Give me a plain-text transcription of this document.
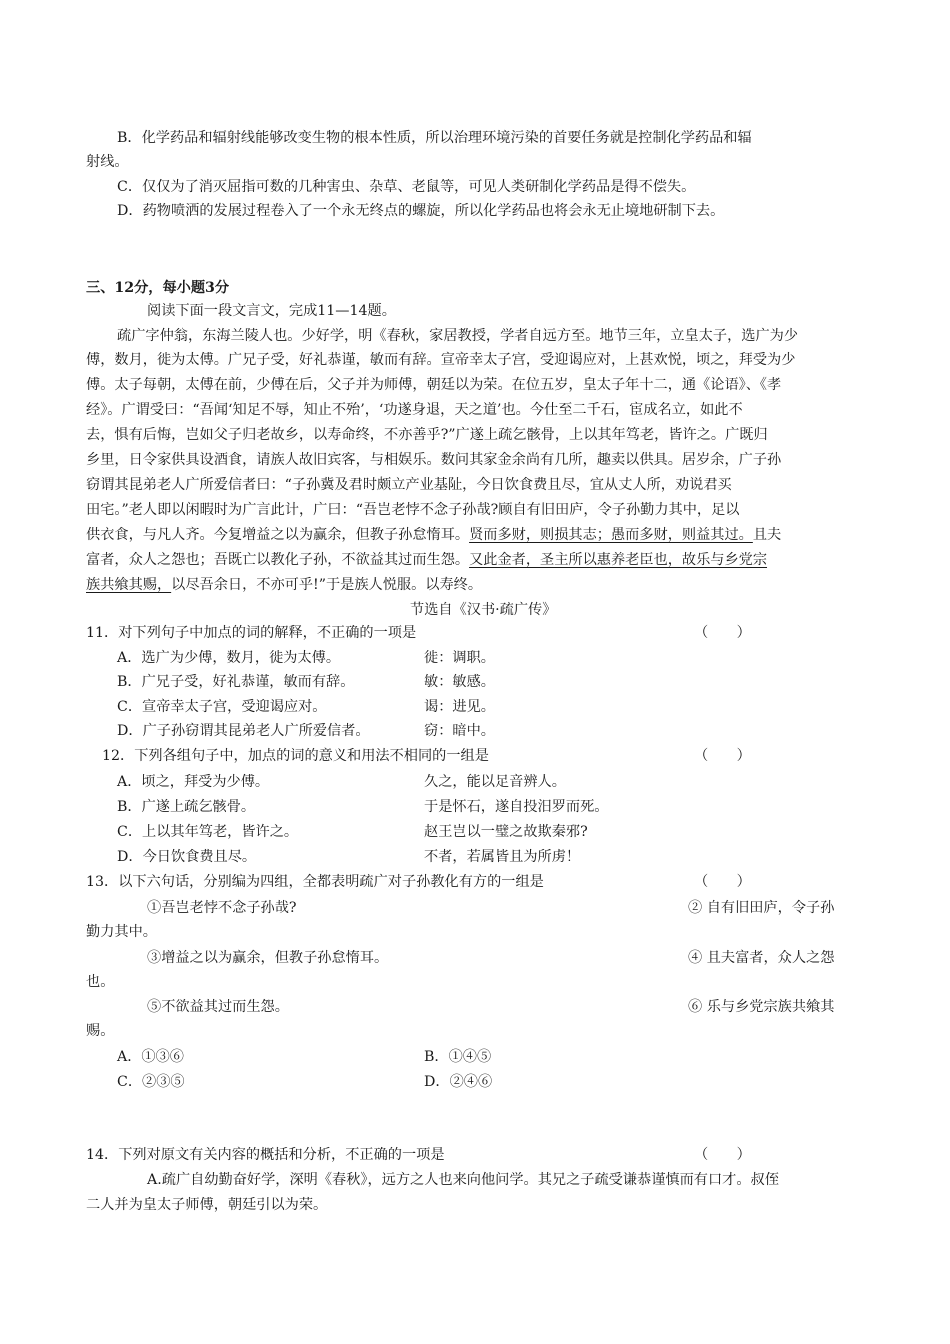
B．化学药品和辐射线能够改变生物的根本性质，所以治理环境污染的首要任务就是控制化学药品和辐
射线。
C．仅仅为了消灭屈指可数的几种害虫、杂草、老鼠等，可见人类研制化学药品是得不偿失。
D．药物喷洒的发展过程卷入了一个永无终点的螺旋，所以化学药品也将会永无止境地研制下去。
三、12分，每小题3分
阅读下面一段文言文，完成11—14题。
疏广字仲翁，东海兰陵人也。少好学，明《春秋，家居教授，学者自远方至。地节三年，立皇太子，选广为少
傅，数月，徙为太傅。广兄子受，好礼恭谨，敏而有辞。宣帝幸太子宫，受迎谒应对，上甚欢悦，顷之，拜受为少
傅。太子每朝，太傅在前，少傅在后，父子并为师傅，朝廷以为荣。在位五岁，皇太子年十二，通《论语》、《孝
经》。广谓受曰：“吾闻‘知足不辱，知止不殆’，‘功遂身退，天之道’也。今仕至二千石，宦成名立，如此不
去，惧有后悔，岂如父子归老故乡，以寿命终，不亦善乎?”广遂上疏乞骸骨，上以其年笃老，皆许之。广既归
乡里，日令家供具设酒食，请族人故旧宾客，与相娱乐。数问其家金余尚有几所，趣卖以供具。居岁余，广子孙
窃谓其昆弟老人广所爱信者曰：“子孙冀及君时颇立产业基阯，今日饮食费且尽，宜从丈人所，劝说君买
田宅。”老人即以闲暇时为广言此计，广曰：“吾岂老悖不念子孙哉?顾自有旧田庐，令子孙勤力其中，足以
供衣食，与凡人齐。今复增益之以为赢余，但教子孙怠惰耳。贤而多财，则损其志；愚而多财，则益其过。且夫
富者，众人之怨也；吾既亡以教化子孙，不欲益其过而生怨。又此金者，圣主所以惠养老臣也，故乐与乡党宗
族共飨其赐，以尽吾余日，不亦可乎!”于是族人悦服。以寿终。
节选自《汉书·疏广传》
11．对下列句子中加点的词的解释，不正确的一项是	（　　）
A．选广为少傅，数月，徙为太傅。	徙：调职。
B．广兄子受，好礼恭谨，敏而有辞。	敏：敏感。
C．宣帝幸太子宫，受迎谒应对。	谒：进见。
D．广子孙窃谓其昆弟老人广所爱信者。	窃：暗中。
12．下列各组句子中，加点的词的意义和用法不相同的一组是	（　　）
A．顷之，拜受为少傅。	久之，能以足音辨人。
B．广遂上疏乞骸骨。	于是怀石，遂自投汨罗而死。
C．上以其年笃老，皆许之。	赵王岂以一璧之故欺秦邪?
D．今日饮食费且尽。	不者，若属皆且为所虏！
13．以下六句话，分别编为四组，全都表明疏广对子孙教化有方的一组是	（　　）
①吾岂老悖不念子孙哉?	② 自有旧田庐，令子孙
勤力其中。
③增益之以为赢余，但教子孙怠惰耳。	④ 且夫富者，众人之怨
也。
⑤不欲益其过而生怨。	⑥ 乐与乡党宗族共飨其
赐。
A．①③⑥	B．①④⑤
C．②③⑤	D．②④⑥
14．下列对原文有关内容的概括和分析，不正确的一项是	（　　）
A.疏广自幼勤奋好学，深明《春秋》，远方之人也来向他问学。其兄之子疏受谦恭谨慎而有口才。叔侄
二人并为皇太子师傅，朝廷引以为荣。
